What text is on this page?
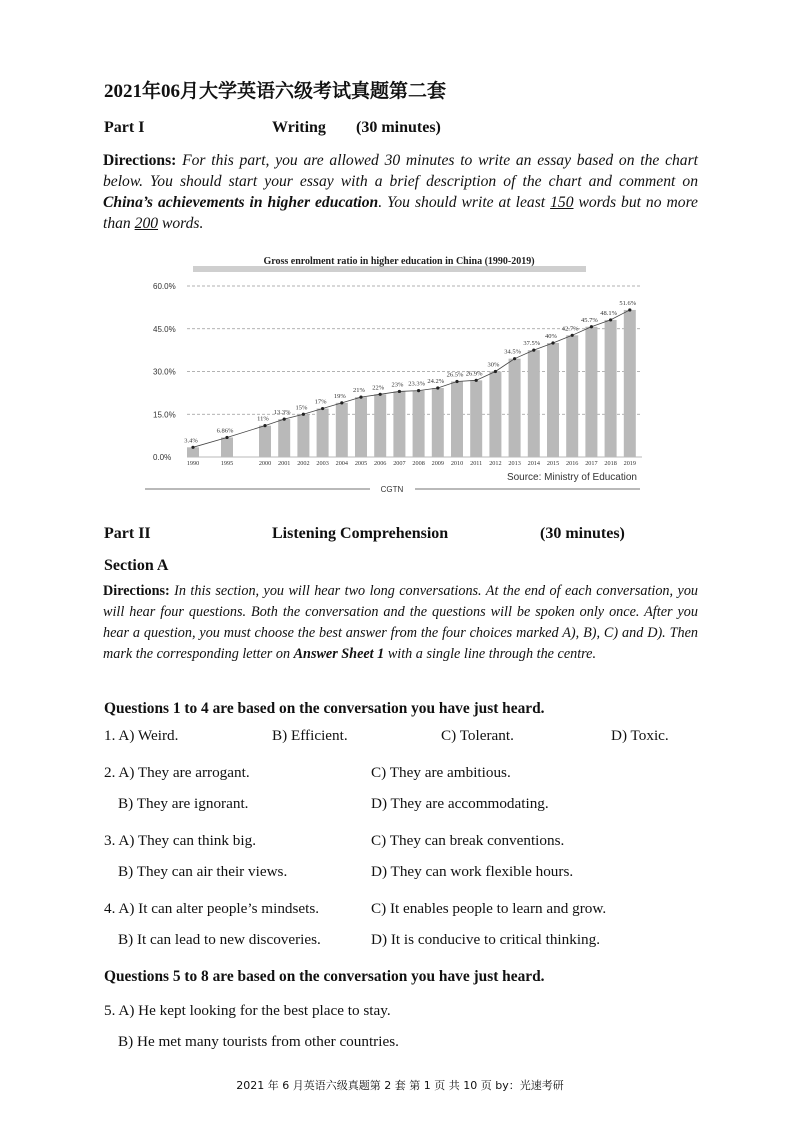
2021年06月大学英语六级考试真题第二套
Part I	Writing (30 minutes)
Directions: For this part, you are allowed 30 minutes to write an essay based on the chart below. You should start your essay with a brief description of the chart and comment on China’s achievements in higher education. You should write at least 150 words but no more than 200 words.
Gross enrolment ratio in higher education in China (1990-2019)
0.0%
15.0%
30.0%
45.0%
60.0%
3.4%
6.86%
11%
13.3%
15%
17%
19%
21% 22% 23% 23.3% 24.2%
26.5% 26.9%
30%
34.5%
37.5%
40%
42.7%
45.7%
48.1%
51.6%
1990	1995	2000 2001 2002 2003 2004 2005 2006 2007 2008 2009 2010 2011 2012 2013 2014 2015 2016 2017 2018 2019
Source: Ministry of Education
CGTN
Part II	Listening Comprehension	(30 minutes)
Section A
Directions: In this section, you will hear two long conversations. At the end of each conversation, you will hear four questions. Both the conversation and the questions will be spoken only once. After you hear a question, you must choose the best answer from the four choices marked A), B), C) and D). Then mark the corresponding letter on Answer Sheet 1 with a single line through the centre.
Questions 1 to 4 are based on the conversation you have just heard.
1. A) Weird.	B) Efficient.	C) Tolerant.	D) Toxic.
2. A) They are arrogant.	C) They are ambitious.
B) They are ignorant.	D) They are accommodating.
3. A) They can think big.	C) They can break conventions.
B) They can air their views.	D) They can work flexible hours.
4. A) It can alter people’s mindsets.	C) It enables people to learn and grow.
B) It can lead to new discoveries.	D) It is conducive to critical thinking.
Questions 5 to 8 are based on the conversation you have just heard.
5. A) He kept looking for the best place to stay.
B) He met many tourists from other countries.
2021 年 6 月英语六级真题第 2 套 第 1 页 共 10 页 by：光速考研
